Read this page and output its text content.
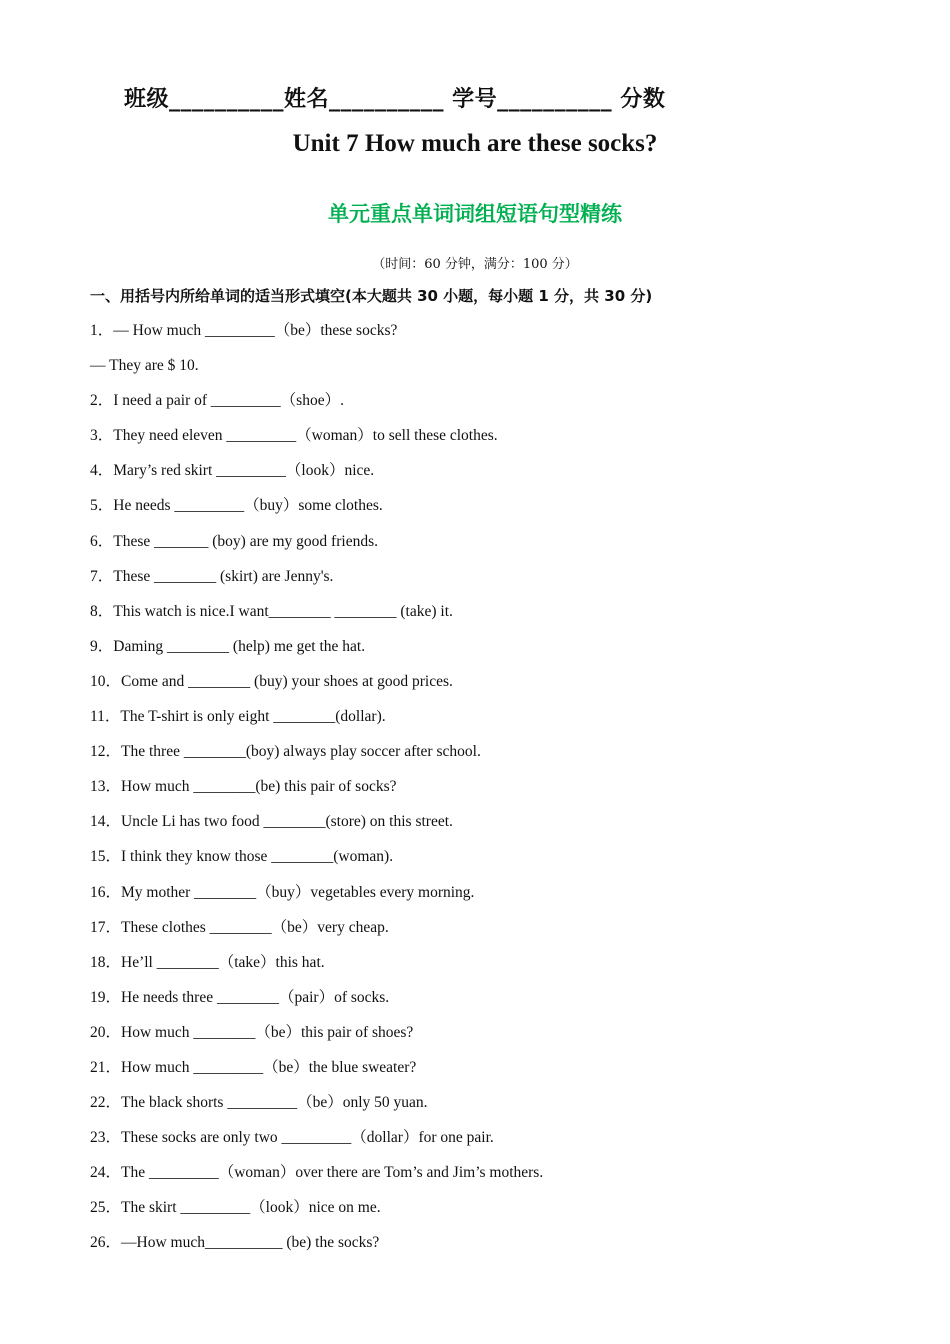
班级__________姓名__________ 学号__________ 分数
Unit 7 How much are these socks?
单元重点单词词组短语句型精练
（时间：60 分钟，满分：100 分）
一、用括号内所给单词的适当形式填空(本大题共 30 小题，每小题 1 分，共 30 分)
1．— How much _________（be）these socks?
— They are $ 10.
2．I need a pair of _________（shoe）.
3．They need eleven _________（woman）to sell these clothes.
4．Mary’s red skirt _________（look）nice.
5．He needs _________（buy）some clothes.
6．These _______ (boy) are my good friends.
7．These ________ (skirt) are Jenny's.
8．This watch is nice.I want________ ________ (take) it.
9．Daming ________ (help) me get the hat.
10．Come and ________ (buy) your shoes at good prices.
11．The T-shirt is only eight ________(dollar).
12．The three ________(boy) always play soccer after school.
13．How much ________(be) this pair of socks?
14．Uncle Li has two food ________(store) on this street.
15．I think they know those ________(woman).
16．My mother ________（buy）vegetables every morning.
17．These clothes ________（be）very cheap.
18．He’ll ________（take）this hat.
19．He needs three ________（pair）of socks.
20．How much ________（be）this pair of shoes?
21．How much _________（be）the blue sweater?
22．The black shorts _________（be）only 50 yuan.
23．These socks are only two _________（dollar）for one pair.
24．The _________（woman）over there are Tom’s and Jim’s mothers.
25．The skirt _________（look）nice on me.
26．—How much__________ (be) the socks?
